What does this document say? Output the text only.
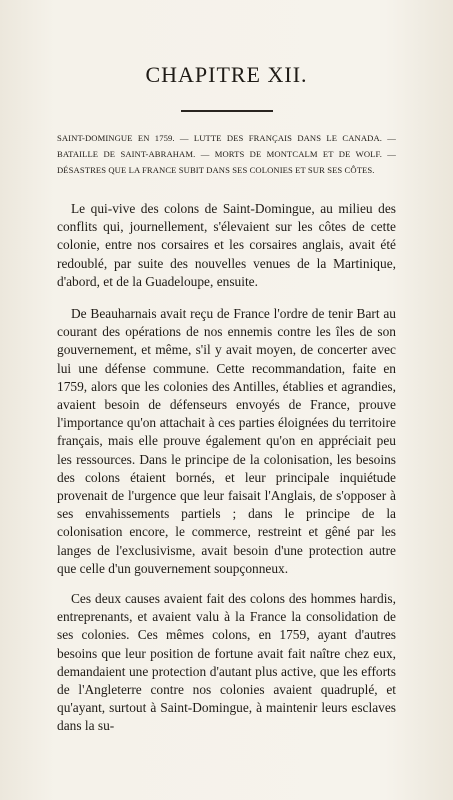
CHAPITRE XII.

SAINT-DOMINGUE EN 1759. — LUTTE DES FRANÇAIS DANS LE CANADA. — BATAILLE DE SAINT-ABRAHAM. — MORTS DE MONTCALM ET DE WOLF. — DÉSASTRES QUE LA FRANCE SUBIT DANS SES COLONIES ET SUR SES CÔTES.

Le qui-vive des colons de Saint-Domingue, au milieu des conflits qui, journellement, s'élevaient sur les côtes de cette colonie, entre nos corsaires et les corsaires anglais, avait été redoublé, par suite des nouvelles venues de la Martinique, d'abord, et de la Guadeloupe, ensuite.

De Beauharnais avait reçu de France l'ordre de tenir Bart au courant des opérations de nos ennemis contre les îles de son gouvernement, et même, s'il y avait moyen, de concerter avec lui une défense commune. Cette recommandation, faite en 1759, alors que les colonies des Antilles, établies et agrandies, avaient besoin de défenseurs envoyés de France, prouve l'importance qu'on attachait à ces parties éloignées du territoire français, mais elle prouve également qu'on en appréciait peu les ressources. Dans le principe de la colonisation, les besoins des colons étaient bornés, et leur principale inquiétude provenait de l'urgence que leur faisait l'Anglais, de s'opposer à ses envahissements partiels ; dans le principe de la colonisation encore, le commerce, restreint et gêné par les langes de l'exclusivisme, avait besoin d'une protection autre que celle d'un gouvernement soupçonneux.

Ces deux causes avaient fait des colons des hommes hardis, entreprenants, et avaient valu à la France la consolidation de ses colonies. Ces mêmes colons, en 1759, ayant d'autres besoins que leur position de fortune avait fait naître chez eux, demandaient une protection d'autant plus active, que les efforts de l'Angleterre contre nos colonies avaient quadruplé, et qu'ayant, surtout à Saint-Domingue, à maintenir leurs esclaves dans la su-
